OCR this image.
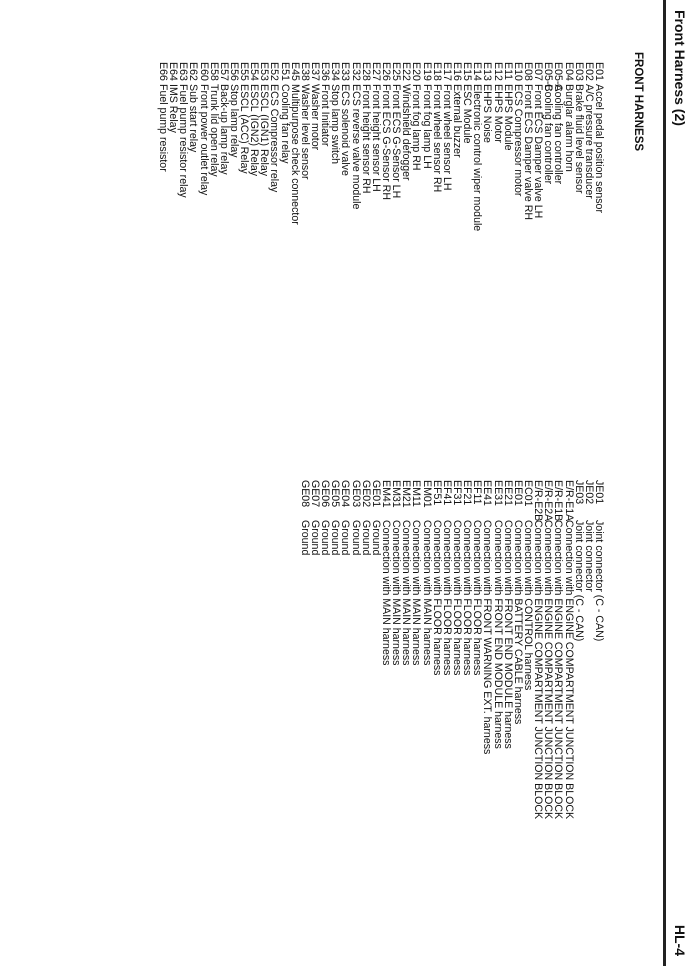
Front Harness (2)
HL-4
FRONT HARNESS
E01
E02
E03
E04
E05-A
E05-B
E07
E08
E10
E11
E12
E13
E14
E15
E16
E17
E18
E19
E20
E22
E25
E26
E27
E28
E32
E33
E34
E36
E37
E38
E45
E51
E52
E53
E54
E55
E56
E57
E58
E60
E62
E63
E64
E66
Accel pedal position sensor
A/C pressure transducer
Brake fluid level sensor
Burglar alarm horn
Cooling fan controller
Cooling fan controller
Front ECS Damper valve LH
Front ECS Damper valve RH
ECS Compressor motor
EHPS Module
EHPS Motor
EHPS Noise
Electronic control wiper module
ESC Module
External buzzer
Front wheel sensor LH
Front wheel sensor RH
Front fog lamp LH
Front fog lamp RH
Windshield defogger
Front ECS G-Sensor LH
Front ECS G-Sensor RH
Front height sensor LH
Front height sensor RH
ECS reverse valve module
ECS solenoid valve
Stop lamp switch
Front Initiator
Washer motor
Washer level sensor
Multipurpose check connector
Cooling fan relay
ECS Compressor relay
ESCL (IGN1) Relay
ESCL (IGN2) Relay
ESCL (ACC) Relay
Stop lamp relay
Back-up lamp relay
Trunk lid open relay
Front power outlet relay
Sub start relay
Fuel pump resistor relay
IMS Relay
Fuel pump resistor
JE01
JE02
JE03
E/R-E1A
E/R-E1B
E/R-E2A
E/R-E2B
EC01
EE01
EE21
EE31
EE41
EF11
EF21
EF31
EF41
EF51
EM01
EM11
EM21
EM31
EM41
GE01
GE02
GE03
GE04
GE05
GE06
GE07
GE08
Joint connector (C - CAN)
Joint connector
Joint connector (C - CAN)
Connection with ENGINE COMPARTMENT JUNCTION BLOCK
Connection with ENGINE COMPARTMENT JUNCTION BLOCK
Connection with ENGINE COMPARTMENT JUNCTION BLOCK
Connection with ENGINE COMPARTMENT JUNCTION BLOCK
Connection with CONTROL harness
Connection with BATTERY CABLE harness
Connection with FRONT END MODULE harness
Connection with FRONT END MODULE harness
Connection with FRONT WARNING EXT. harness
Connection with FLOOR harness
Connection with FLOOR harness
Connection with FLOOR harness
Connection with FLOOR harness
Connection with FLOOR harness
Connection with MAIN harness
Connection with MAIN harness
Connection with MAIN harness
Connection with MAIN harness
Connection with MAIN harness
Ground
Ground
Ground
Ground
Ground
Ground
Ground
Ground
